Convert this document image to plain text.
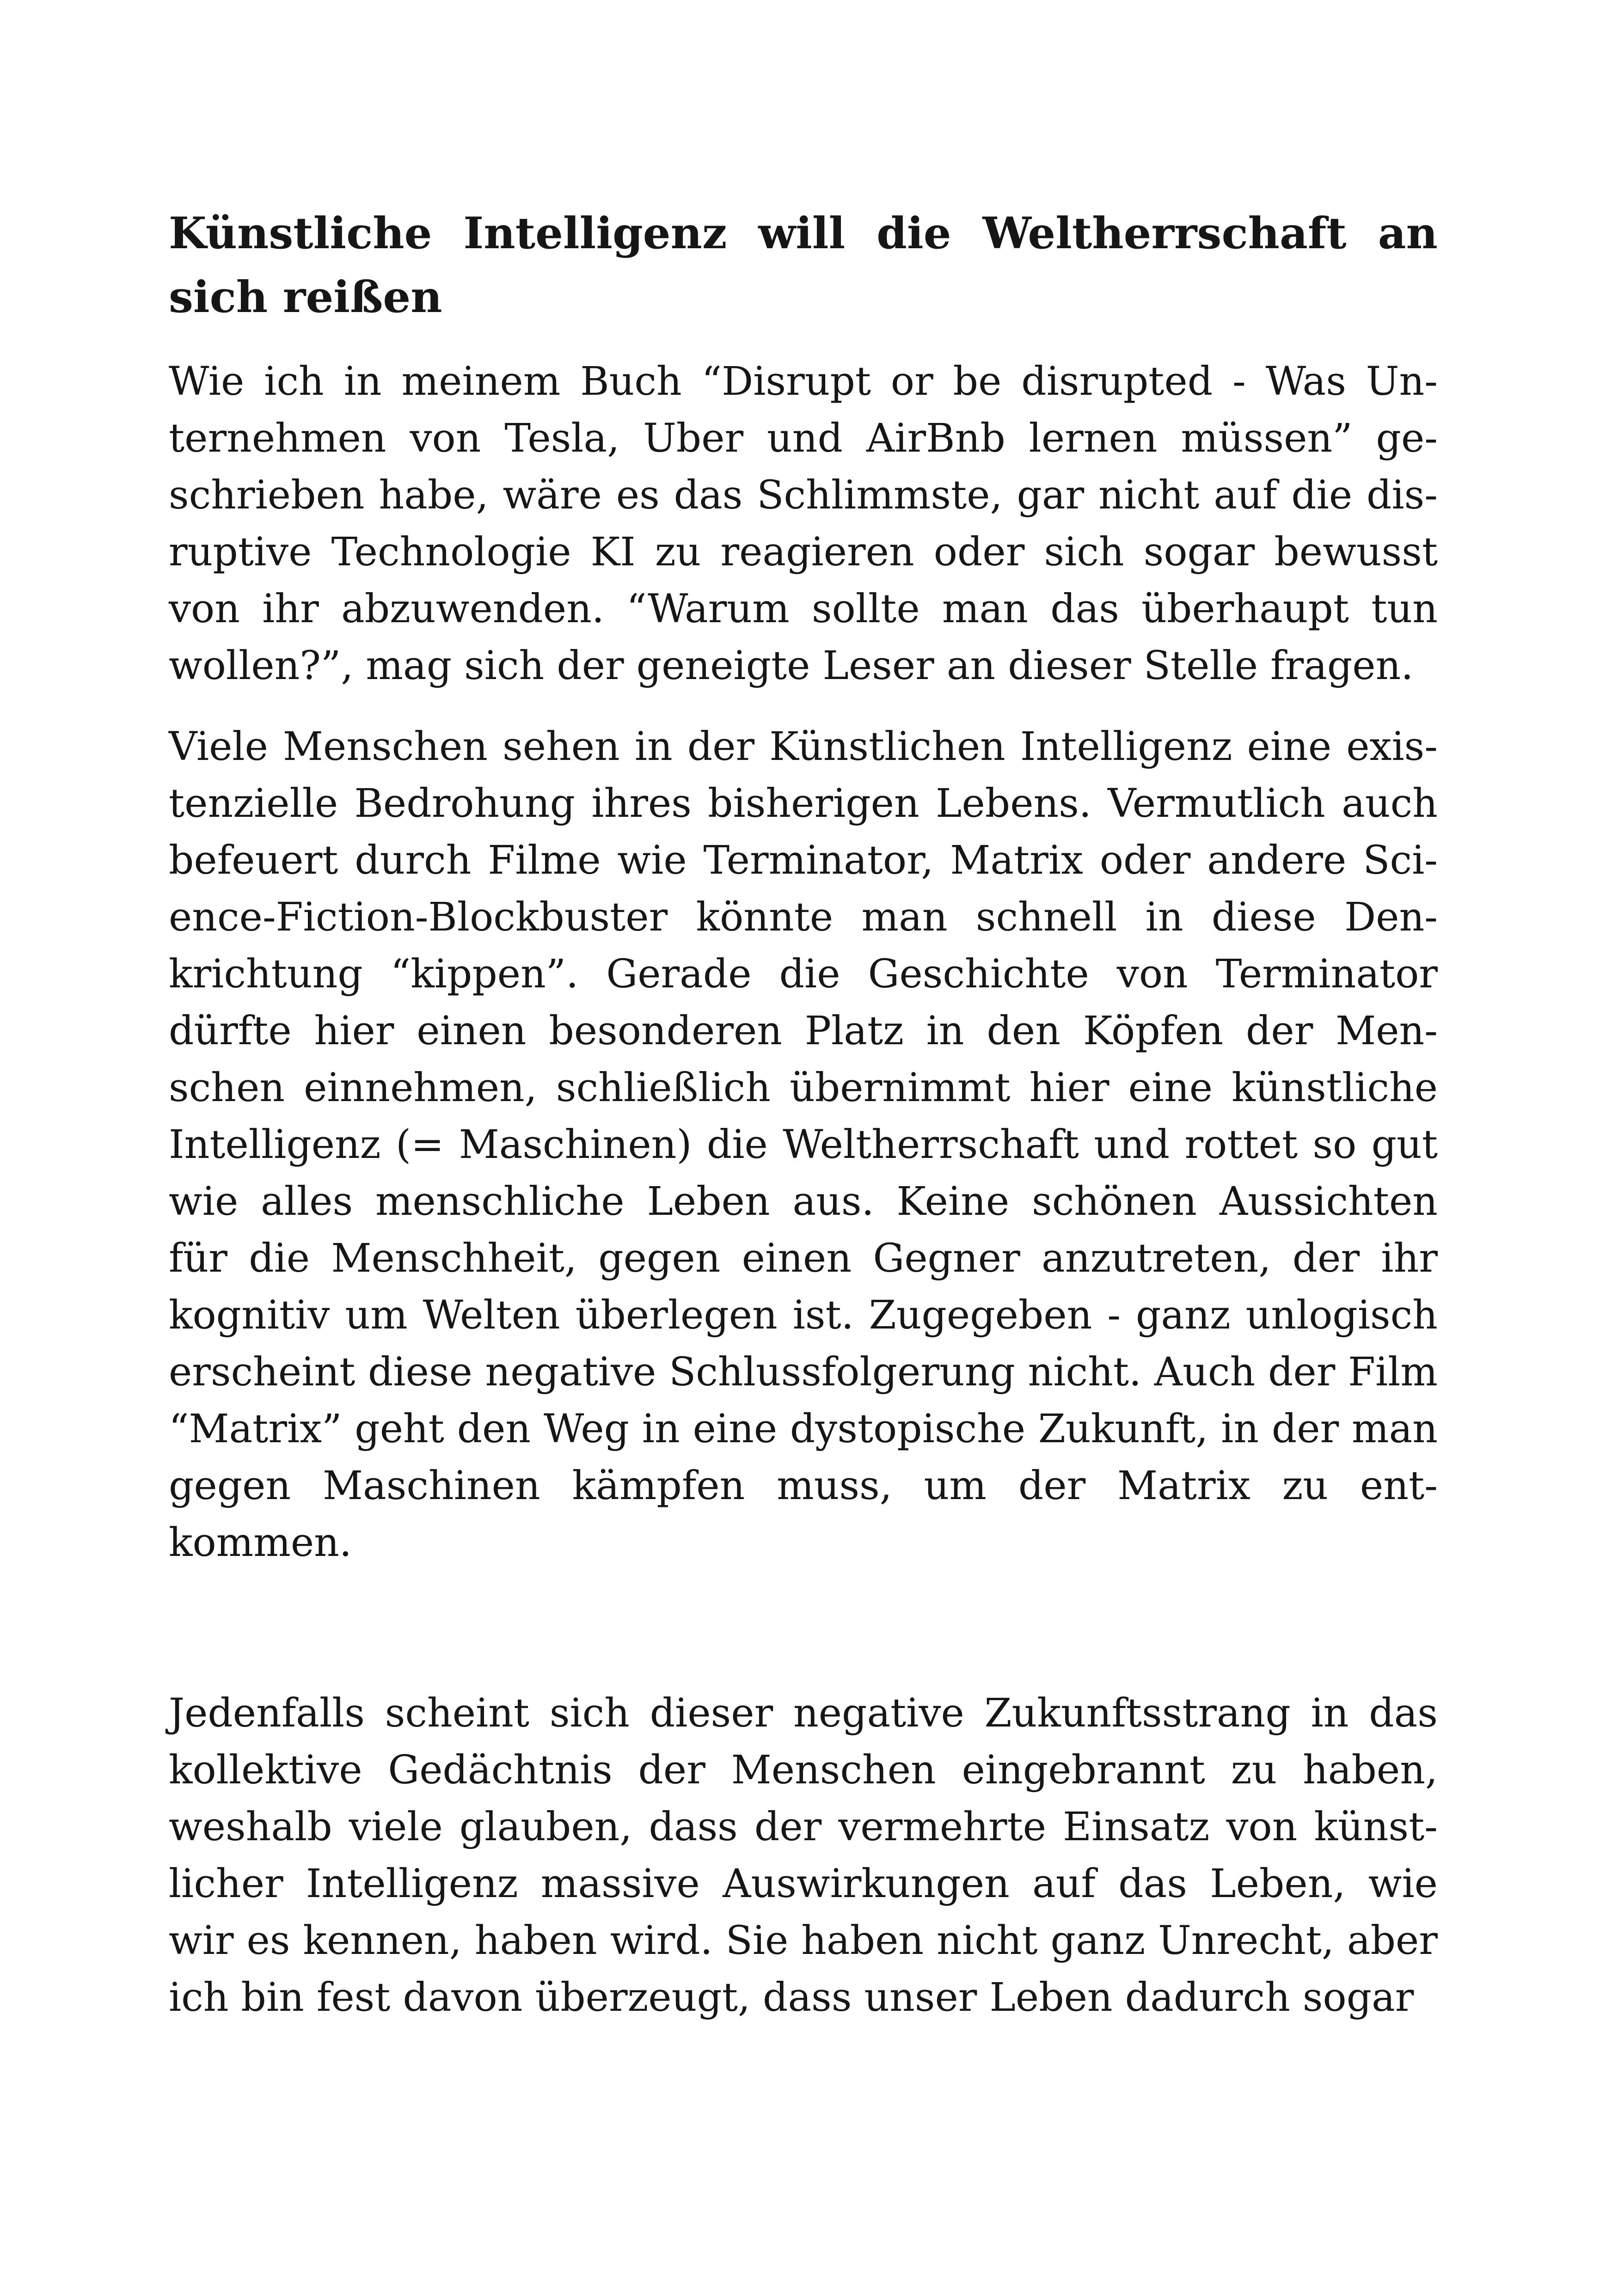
Künstliche Intelligenz will die Weltherrschaft an sich reißen

Wie ich in meinem Buch “Disrupt or be disrupted - Was Unternehmen von Tesla, Uber und AirBnb lernen müssen” geschrieben habe, wäre es das Schlimmste, gar nicht auf die disruptive Technologie KI zu reagieren oder sich sogar bewusst von ihr abzuwenden. “Warum sollte man das überhaupt tun wollen?”, mag sich der geneigte Leser an dieser Stelle fragen.

Viele Menschen sehen in der Künstlichen Intelligenz eine existenzielle Bedrohung ihres bisherigen Lebens. Vermutlich auch befeuert durch Filme wie Terminator, Matrix oder andere Science-Fiction-Blockbuster könnte man schnell in diese Denkrichtung “kippen”. Gerade die Geschichte von Terminator dürfte hier einen besonderen Platz in den Köpfen der Menschen einnehmen, schließlich übernimmt hier eine künstliche Intelligenz (= Maschinen) die Weltherrschaft und rottet so gut wie alles menschliche Leben aus. Keine schönen Aussichten für die Menschheit, gegen einen Gegner anzutreten, der ihr kognitiv um Welten überlegen ist. Zugegeben - ganz unlogisch erscheint diese negative Schlussfolgerung nicht. Auch der Film “Matrix” geht den Weg in eine dystopische Zukunft, in der man gegen Maschinen kämpfen muss, um der Matrix zu entkommen.

Jedenfalls scheint sich dieser negative Zukunftsstrang in das kollektive Gedächtnis der Menschen eingebrannt zu haben, weshalb viele glauben, dass der vermehrte Einsatz von künstlicher Intelligenz massive Auswirkungen auf das Leben, wie wir es kennen, haben wird. Sie haben nicht ganz Unrecht, aber ich bin fest davon überzeugt, dass unser Leben dadurch sogar
